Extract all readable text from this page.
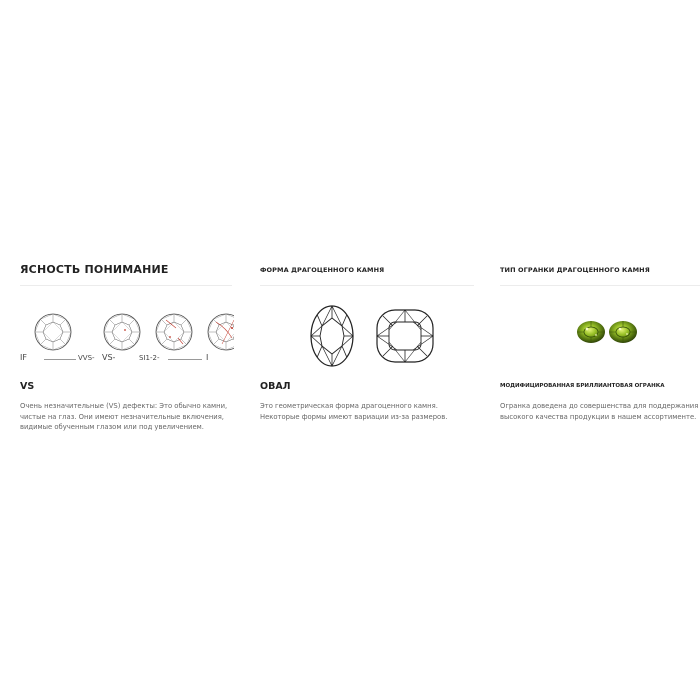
ЯСНОСТЬ ПОНИМАНИЕ
IF	VVS- VS-	SI1-2-	I
VS

Очень незначительные (VS) дефекты: Это обычно камни, чистые на глаз. Они имеют незначительные включения, видимые обученным глазом или под увеличением.

ФОРМА ДРАГОЦЕННОГО КАМНЯ
ОВАЛ

Это геометрическая форма драгоценного камня. Некоторые формы имеют вариации из-за размеров.

ТИП ОГРАНКИ ДРАГОЦЕННОГО КАМНЯ
МОДИФИЦИРОВАННАЯ БРИЛЛИАНТОВАЯ ОГРАНКА

Огранка доведена до совершенства для поддержания высокого качества продукции в нашем ассортименте.
